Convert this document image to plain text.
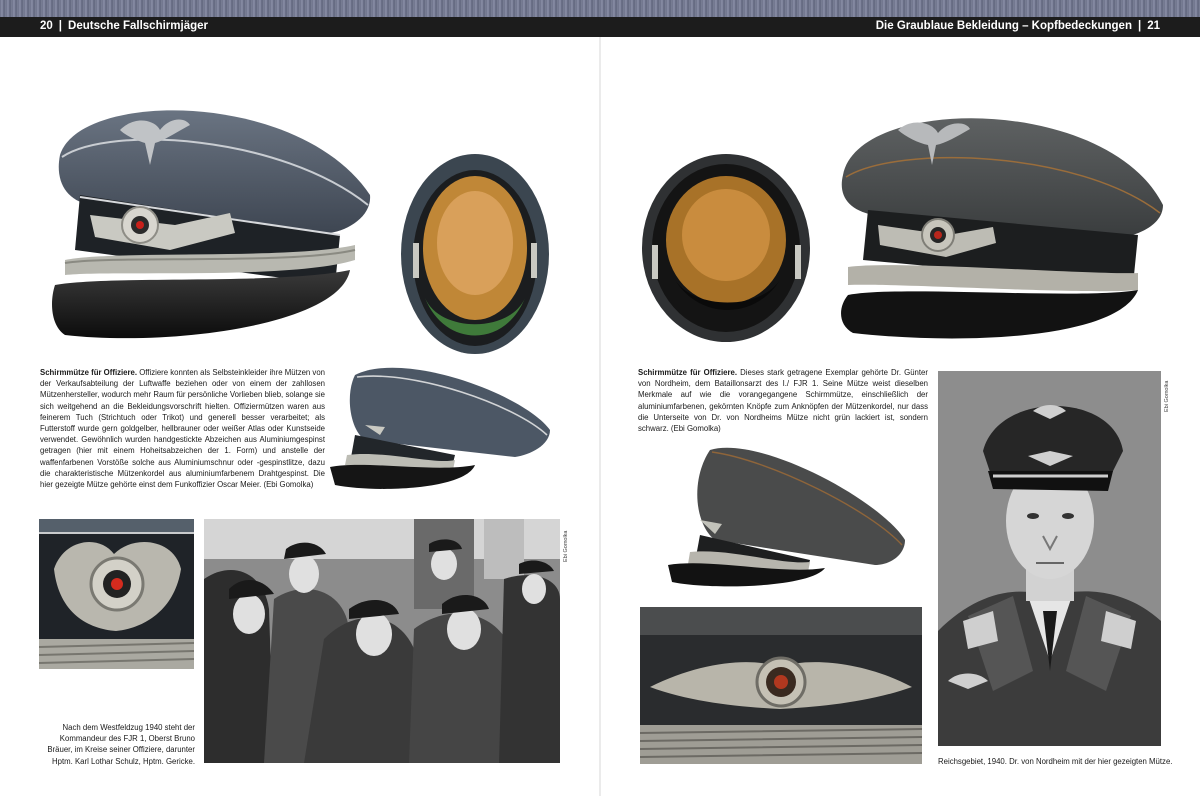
20 | Deutsche Fallschirmjäger	Die Graublaue Bekleidung – Kopfbedeckungen | 21
Schirmmütze für Offiziere. Offiziere konnten als Selbsteinkleider ihre Mützen von der Verkaufsabteilung der Luftwaffe beziehen oder von einem der zahllosen Mützenhersteller, wodurch mehr Raum für persönliche Vorlieben blieb, solange sie sich weitgehend an die Bekleidungsvorschrift hielten. Offiziermützen waren aus feinerem Tuch (Strichtuch oder Trikot) und generell besser verarbeitet; als Futterstoff wurde gern goldgelber, hellbrauner oder weißer Atlas oder Kunstseide verwendet. Gewöhnlich wurden handgestickte Abzeichen aus Aluminiumgespinst getragen (hier mit einem Hoheitsabzeichen der 1. Form) und anstelle der waffenfarbenen Vorstöße solche aus Aluminiumschnur oder -gespinstlitze, dazu die charakteristische Mützenkordel aus aluminiumfarbenem Drahtgespinst. Die hier gezeigte Mütze gehörte einst dem Funkoffizier Oscar Meier. (Ebi Gomolka)
Ebi Gomolka
Nach dem Westfeldzug 1940 steht der Kommandeur des FJR 1, Oberst Bruno Bräuer, im Kreise seiner Offiziere, darunter Hptm. Karl Lothar Schulz, Hptm. Gericke.
Schirmmütze für Offiziere. Dieses stark getragene Exemplar gehörte Dr. Günter von Nordheim, dem Bataillonsarzt des I./ FJR 1. Seine Mütze weist dieselben Merkmale auf wie die vorangegangene Schirmmütze, einschließlich der aluminiumfarbenen, gekörnten Knöpfe zum Anknöpfen der Mützenkordel, nur dass die Unterseite von Dr. von Nordheims Mütze nicht grün lackiert ist, sondern schwarz. (Ebi Gomolka)
Ebi Gomolka
Reichsgebiet, 1940. Dr. von Nordheim mit der hier gezeigten Mütze.
